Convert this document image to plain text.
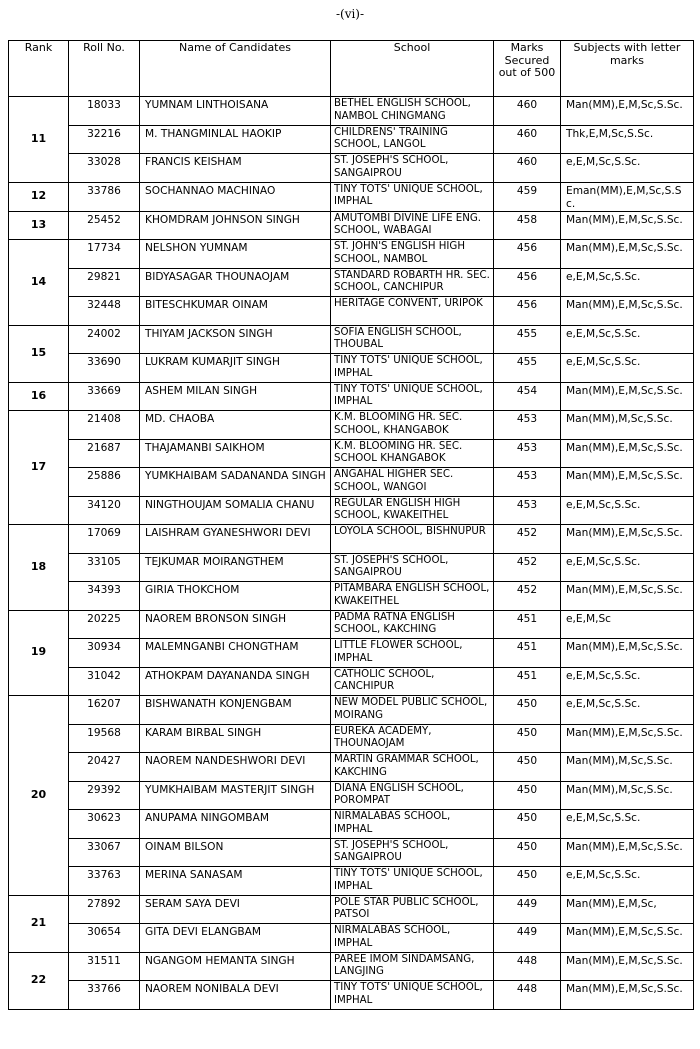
-(vi)-
Rank	Roll No.	Name of Candidates	School	Marks Secured out of 500	Subjects with letter marks
11	18033	YUMNAM LINTHOISANA	BETHEL ENGLISH SCHOOL, NAMBOL CHINGMANG	460	Man(MM),E,M,Sc,S.Sc.
	32216	M. THANGMINLAL HAOKIP	CHILDRENS' TRAINING SCHOOL, LANGOL	460	Thk,E,M,Sc,S.Sc.
	33028	FRANCIS KEISHAM	ST. JOSEPH'S SCHOOL, SANGAIPROU	460	e,E,M,Sc,S.Sc.
12	33786	SOCHANNAO MACHINAO	TINY TOTS' UNIQUE SCHOOL, IMPHAL	459	Eman(MM),E,M,Sc,S.Sc.
13	25452	KHOMDRAM JOHNSON SINGH	AMUTOMBI DIVINE LIFE ENG. SCHOOL, WABAGAI	458	Man(MM),E,M,Sc,S.Sc.
14	17734	NELSHON YUMNAM	ST. JOHN'S ENGLISH HIGH SCHOOL, NAMBOL	456	Man(MM),E,M,Sc,S.Sc.
	29821	BIDYASAGAR THOUNAOJAM	STANDARD ROBARTH HR. SEC. SCHOOL, CANCHIPUR	456	e,E,M,Sc,S.Sc.
	32448	BITESCHKUMAR OINAM	HERITAGE CONVENT, URIPOK	456	Man(MM),E,M,Sc,S.Sc.
15	24002	THIYAM JACKSON SINGH	SOFIA ENGLISH SCHOOL, THOUBAL	455	e,E,M,Sc,S.Sc.
	33690	LUKRAM KUMARJIT SINGH	TINY TOTS' UNIQUE SCHOOL, IMPHAL	455	e,E,M,Sc,S.Sc.
16	33669	ASHEM MILAN SINGH	TINY TOTS' UNIQUE SCHOOL, IMPHAL	454	Man(MM),E,M,Sc,S.Sc.
17	21408	MD. CHAOBA	K.M. BLOOMING HR. SEC. SCHOOL, KHANGABOK	453	Man(MM),M,Sc,S.Sc.
	21687	THAJAMANBI SAIKHOM	K.M. BLOOMING HR. SEC. SCHOOL KHANGABOK	453	Man(MM),E,M,Sc,S.Sc.
	25886	YUMKHAIBAM SADANANDA SINGH	ANGAHAL HIGHER SEC. SCHOOL, WANGOI	453	Man(MM),E,M,Sc,S.Sc.
	34120	NINGTHOUJAM SOMALIA CHANU	REGULAR ENGLISH HIGH SCHOOL, KWAKEITHEL	453	e,E,M,Sc,S.Sc.
18	17069	LAISHRAM GYANESHWORI DEVI	LOYOLA SCHOOL, BISHNUPUR	452	Man(MM),E,M,Sc,S.Sc.
	33105	TEJKUMAR MOIRANGTHEM	ST. JOSEPH'S SCHOOL, SANGAIPROU	452	e,E,M,Sc,S.Sc.
	34393	GIRIA THOKCHOM	PITAMBARA ENGLISH SCHOOL, KWAKEITHEL	452	Man(MM),E,M,Sc,S.Sc.
19	20225	NAOREM BRONSON SINGH	PADMA RATNA ENGLISH SCHOOL, KAKCHING	451	e,E,M,Sc
	30934	MALEMNGANBI CHONGTHAM	LITTLE FLOWER SCHOOL, IMPHAL	451	Man(MM),E,M,Sc,S.Sc.
	31042	ATHOKPAM DAYANANDA SINGH	CATHOLIC SCHOOL, CANCHIPUR	451	e,E,M,Sc,S.Sc.
20	16207	BISHWANATH KONJENGBAM	NEW MODEL PUBLIC SCHOOL, MOIRANG	450	e,E,M,Sc,S.Sc.
	19568	KARAM BIRBAL SINGH	EUREKA ACADEMY, THOUNAOJAM	450	Man(MM),E,M,Sc,S.Sc.
	20427	NAOREM NANDESHWORI DEVI	MARTIN GRAMMAR SCHOOL, KAKCHING	450	Man(MM),M,Sc,S.Sc.
	29392	YUMKHAIBAM MASTERJIT SINGH	DIANA ENGLISH SCHOOL, POROMPAT	450	Man(MM),M,Sc,S.Sc.
	30623	ANUPAMA NINGOMBAM	NIRMALABAS SCHOOL, IMPHAL	450	e,E,M,Sc,S.Sc.
	33067	OINAM BILSON	ST. JOSEPH'S SCHOOL, SANGAIPROU	450	Man(MM),E,M,Sc,S.Sc.
	33763	MERINA SANASAM	TINY TOTS' UNIQUE SCHOOL, IMPHAL	450	e,E,M,Sc,S.Sc.
21	27892	SERAM SAYA DEVI	POLE STAR PUBLIC SCHOOL, PATSOI	449	Man(MM),E,M,Sc,
	30654	GITA DEVI ELANGBAM	NIRMALABAS SCHOOL, IMPHAL	449	Man(MM),E,M,Sc,S.Sc.
22	31511	NGANGOM HEMANTA SINGH	PAREE IMOM SINDAMSANG, LANGJING	448	Man(MM),E,M,Sc,S.Sc.
	33766	NAOREM NONIBALA DEVI	TINY TOTS' UNIQUE SCHOOL, IMPHAL	448	Man(MM),E,M,Sc,S.Sc.
